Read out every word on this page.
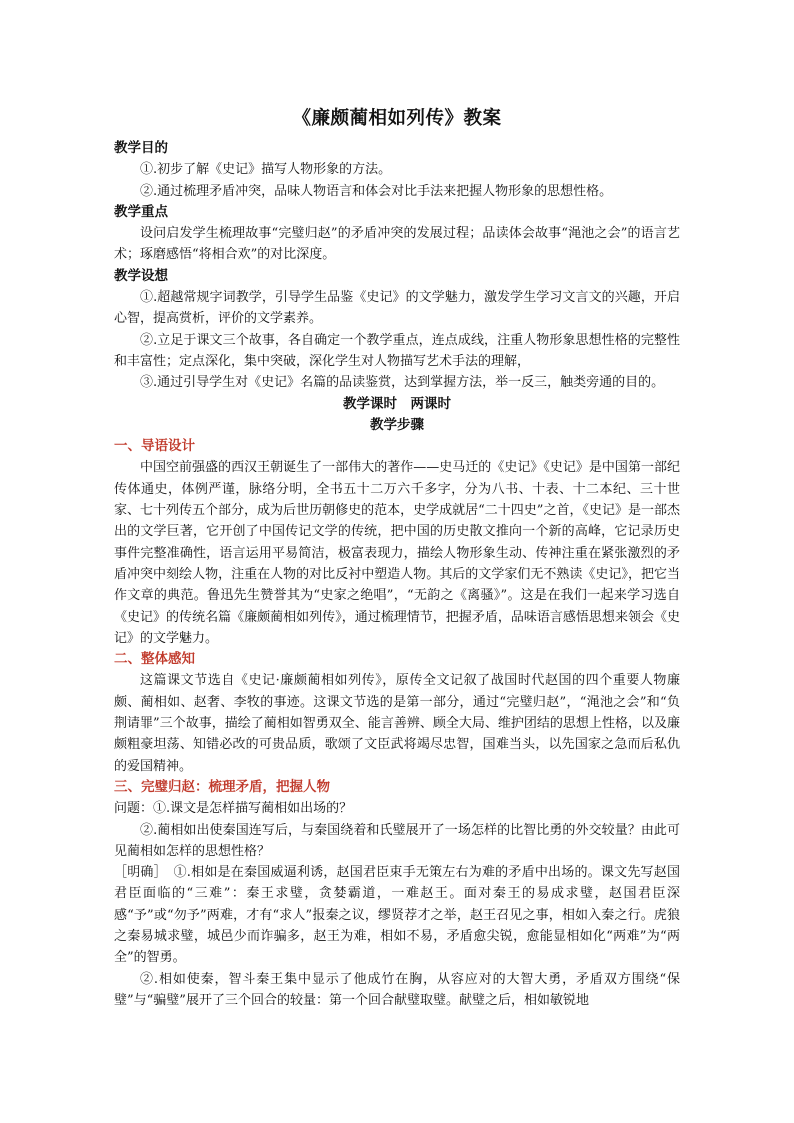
《廉颇蔺相如列传》教案
教学目的

①.初步了解《史记》描写人物形象的方法。

②.通过梳理矛盾冲突，品味人物语言和体会对比手法来把握人物形象的思想性格。

教学重点

设问启发学生梳理故事“完璧归赵”的矛盾冲突的发展过程；品读体会故事“渑池之会”的语言艺术；琢磨感悟“将相合欢”的对比深度。

教学设想

①.超越常规字词教学，引导学生品鉴《史记》的文学魅力，激发学生学习文言文的兴趣，开启心智，提高赏析，评价的文学素养。

②.立足于课文三个故事，各自确定一个教学重点，连点成线，注重人物形象思想性格的完整性和丰富性；定点深化，集中突破，深化学生对人物描写艺术手法的理解，

③.通过引导学生对《史记》名篇的品读鉴赏，达到掌握方法，举一反三，触类旁通的目的。

教学课时　两课时
教学步骤
一、导语设计

中国空前强盛的西汉王朝诞生了一部伟大的著作——史马迁的《史记》《史记》是中国第一部纪传体通史，体例严谨，脉络分明，全书五十二万六千多字，分为八书、十表、十二本纪、三十世家、七十列传五个部分，成为后世历朝修史的范本，史学成就居“二十四史”之首，《史记》是一部杰出的文学巨著，它开创了中国传记文学的传统，把中国的历史散文推向一个新的高峰，它记录历史事件完整准确性，语言运用平易简洁，极富表现力，描绘人物形象生动、传神注重在紧张激烈的矛盾冲突中刻绘人物，注重在人物的对比反衬中塑造人物。其后的文学家们无不熟读《史记》，把它当作文章的典范。鲁迅先生赞誉其为“史家之绝唱”，“无韵之《离骚》”。这是在我们一起来学习选自《史记》的传统名篇《廉颇蔺相如列传》，通过梳理情节，把握矛盾，品味语言感悟思想来领会《史记》的文学魅力。

二、整体感知

这篇课文节选自《史记·廉颇蔺相如列传》，原传全文记叙了战国时代赵国的四个重要人物廉颇、蔺相如、赵奢、李牧的事迹。这课文节选的是第一部分，通过“完璧归赵”，“渑池之会”和“负荆请罪”三个故事，描绘了蔺相如智勇双全、能言善辨、顾全大局、维护团结的思想上性格，以及廉颇粗豪坦荡、知错必改的可贵品质，歌颂了文臣武将竭尽忠智，国难当头，以先国家之急而后私仇的爱国精神。

三、完璧归赵：梳理矛盾，把握人物

问题：①.课文是怎样描写蔺相如出场的？

②.蔺相如出使秦国连写后，与秦国绕着和氏璧展开了一场怎样的比智比勇的外交较量？由此可见蔺相如怎样的思想性格？

［明确］　①.相如是在秦国威逼利诱，赵国君臣束手无策左右为难的矛盾中出场的。课文先写赵国君臣面临的“三难”：秦王求璧，贪婪霸道，一难赵王。面对秦王的易成求璧，赵国君臣深感“予”或“勿予”两难，才有“求人”报秦之议，缪贤荐才之举，赵王召见之事，相如入秦之行。虎狼之秦易城求璧，城邑少而诈骗多，赵王为难，相如不易，矛盾愈尖锐，愈能显相如化“两难”为“两全”的智勇。

②.相如使秦，智斗秦王集中显示了他成竹在胸，从容应对的大智大勇，矛盾双方围绕“保璧”与“骗璧”展开了三个回合的较量：第一个回合献璧取璧。献璧之后，相如敏锐地
